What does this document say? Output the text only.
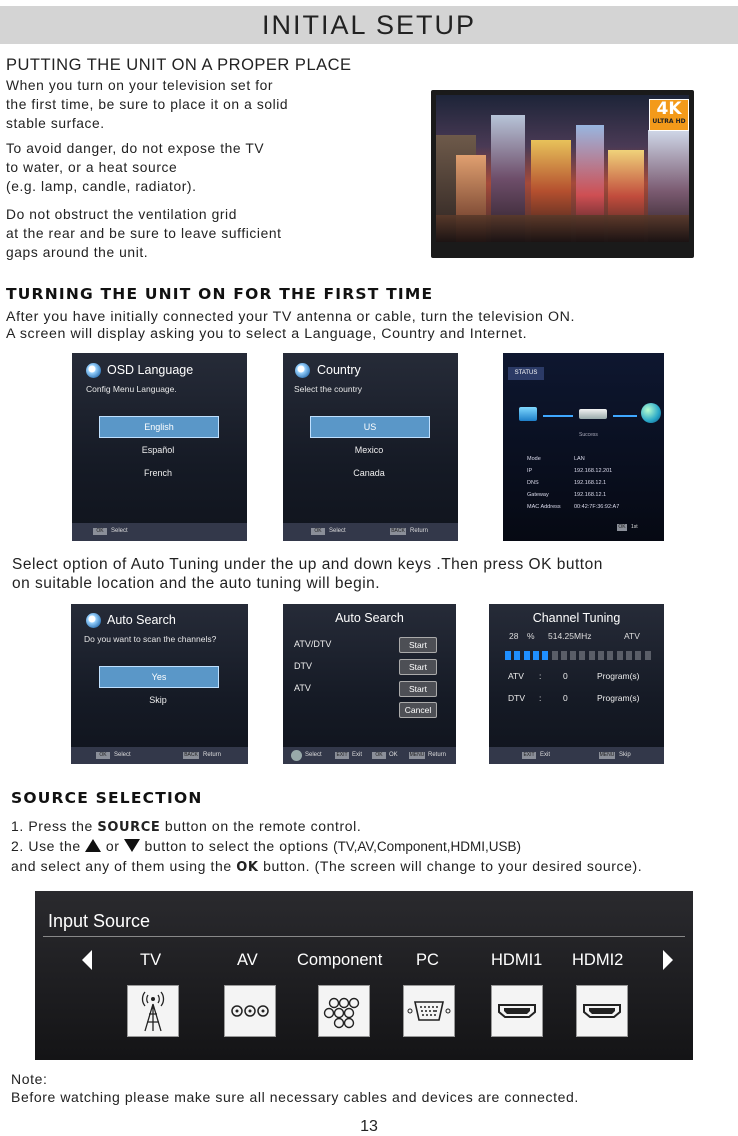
INITIAL SETUP
PUTTING THE UNIT ON A PROPER PLACE
When you turn on your television set for
the first time, be sure to place it on a solid
stable surface.
To avoid danger, do not expose the TV
to water, or a heat source
(e.g. lamp, candle, radiator).
Do not obstruct the ventilation grid
at the rear and be sure to leave sufficient
gaps around the unit.
4K
ULTRA HD
TURNING THE UNIT ON FOR THE FIRST TIME
After you have initially connected your TV antenna or cable, turn the television ON.
A screen will display asking you to select a Language, Country and Internet.
OSD Language
Config Menu Language.
English
Español
French
OK	Select
Country
Select the country
US
Mexico
Canada
OK	Select	BACK Return
STATUS
Success
Mode	LAN
IP	192.168.12.201
DNS	192.168.12.1
Gateway	192.168.12.1
MAC Address 00:42:7F:36:92:A7
OK 1st
Select option of Auto Tuning under the up and down keys .Then press OK button
on suitable location and the auto tuning will begin.
Auto Search
Do you want to scan the channels?
Yes
Skip
OK	Select	BACK Return
Auto Search
ATV/DTV	Start
DTV	Start
ATV	Start
Cancel
Select	EXIT Exit	OK	OK MENU Return
Channel Tuning
28 % 514.25MHz	ATV
ATV :	0	Program(s)
DTV :	0	Program(s)
EXIT Exit	MENU Skip
SOURCE SELECTION
1. Press the SOURCE button on the remote control.
2. Use the or button to select the options (TV,AV,Component,HDMI,USB)
and select any of them using the OK button. (The screen will change to your desired source).
Input Source
TV	AV Component PC	HDMI1 HDMI2
Note:
Before watching please make sure all necessary cables and devices are connected.
13
